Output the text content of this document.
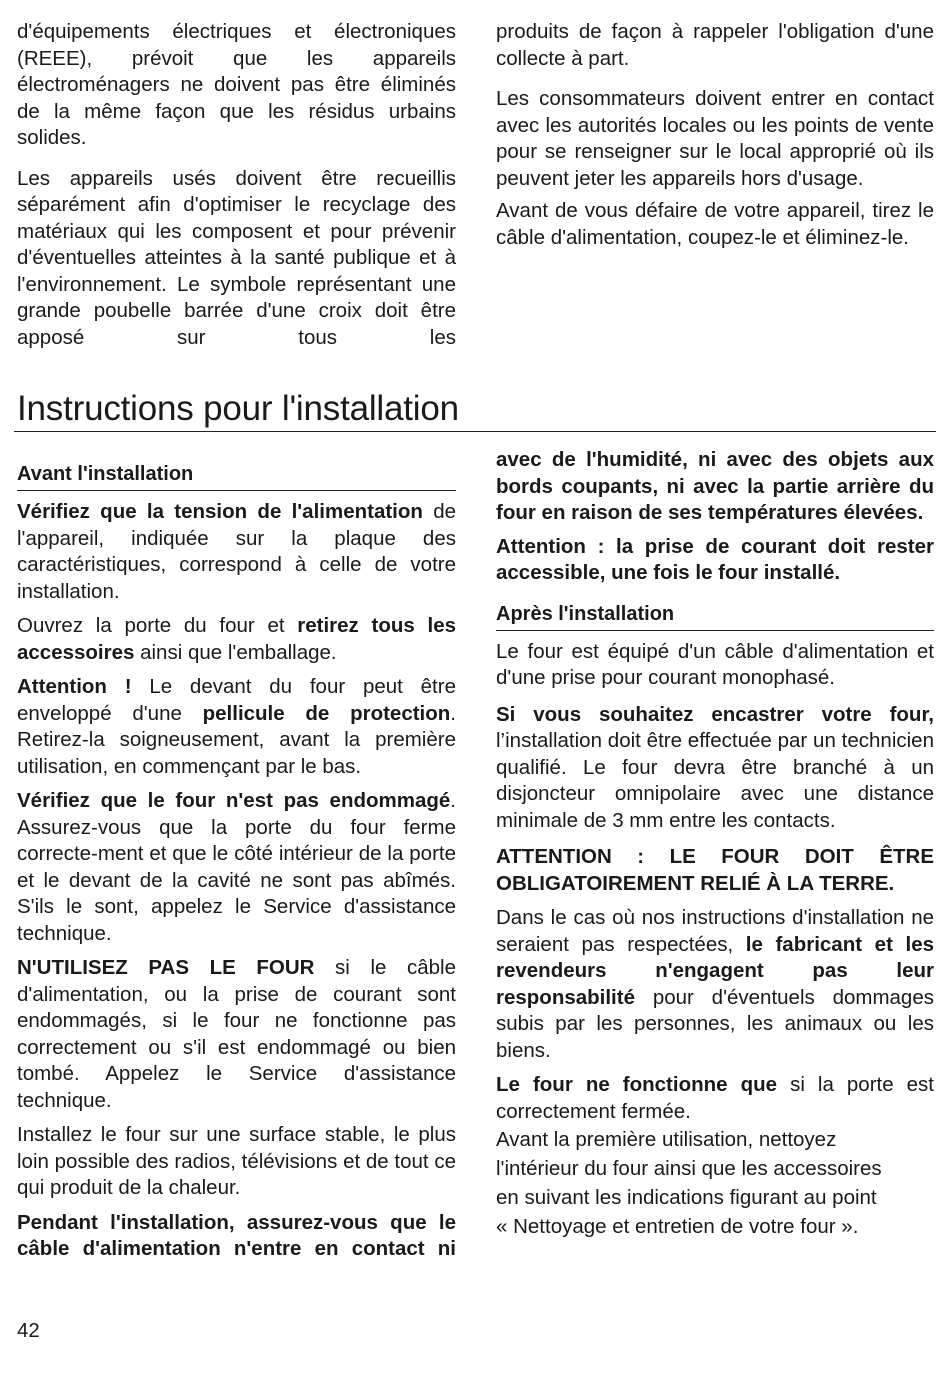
d'équipements électriques et électroniques (REEE), prévoit que les appareils électroménagers ne doivent pas être éliminés de la même façon que les résidus urbains solides.

Les appareils usés doivent être recueillis séparément afin d'optimiser le recyclage des matériaux qui les composent et pour prévenir d'éventuelles atteintes à la santé publique et à l'environnement. Le symbole représentant une grande poubelle barrée d'une croix doit être apposé sur tous les

produits de façon à rappeler l'obligation d'une collecte à part.

Les consommateurs doivent entrer en contact avec les autorités locales ou les points de vente pour se renseigner sur le local approprié où ils peuvent jeter les appareils hors d'usage.

Avant de vous défaire de votre appareil, tirez le câble d'alimentation, coupez-le et éliminez-le.

Instructions pour l'installation
Avant l'installation

Vérifiez que la tension de l'alimentation de l'appareil, indiquée sur la plaque des caractéristiques, correspond à celle de votre installation.

Ouvrez la porte du four et retirez tous les accessoires ainsi que l'emballage.

Attention ! Le devant du four peut être enveloppé d'une pellicule de protection. Retirez-la soigneusement, avant la première utilisation, en commençant par le bas.

Vérifiez que le four n'est pas endommagé. Assurez-vous que la porte du four ferme correcte-ment et que le côté intérieur de la porte et le devant de la cavité ne sont pas abîmés. S'ils le sont, appelez le Service d'assistance technique.

N'UTILISEZ PAS LE FOUR si le câble d'alimentation, ou la prise de courant sont endommagés, si le four ne fonctionne pas correctement ou s'il est endommagé ou bien tombé. Appelez le Service d'assistance technique.

Installez le four sur une surface stable, le plus loin possible des radios, télévisions et de tout ce qui produit de la chaleur.

Pendant l'installation, assurez-vous que le câble d'alimentation n'entre en contact ni

avec de l'humidité, ni avec des objets aux bords coupants, ni avec la partie arrière du four en raison de ses températures élevées.

Attention : la prise de courant doit rester accessible, une fois le four installé.

Après l'installation

Le four est équipé d'un câble d'alimentation et d'une prise pour courant monophasé.

Si vous souhaitez encastrer votre four, l’installation doit être effectuée par un technicien qualifié. Le four devra être branché à un disjoncteur omnipolaire avec une distance minimale de 3 mm entre les contacts.

ATTENTION : LE FOUR DOIT ÊTRE OBLIGATOIREMENT RELIÉ À LA TERRE.

Dans le cas où nos instructions d'installation ne seraient pas respectées, le fabricant et les revendeurs n'engagent pas leur responsabilité pour d'éventuels dommages subis par les personnes, les animaux ou les biens.

Le four ne fonctionne que si la porte est correctement fermée.

Avant la première utilisation, nettoyez
l'intérieur du four ainsi que les accessoires
en suivant les indications figurant au point
« Nettoyage et entretien de votre four ».
42
